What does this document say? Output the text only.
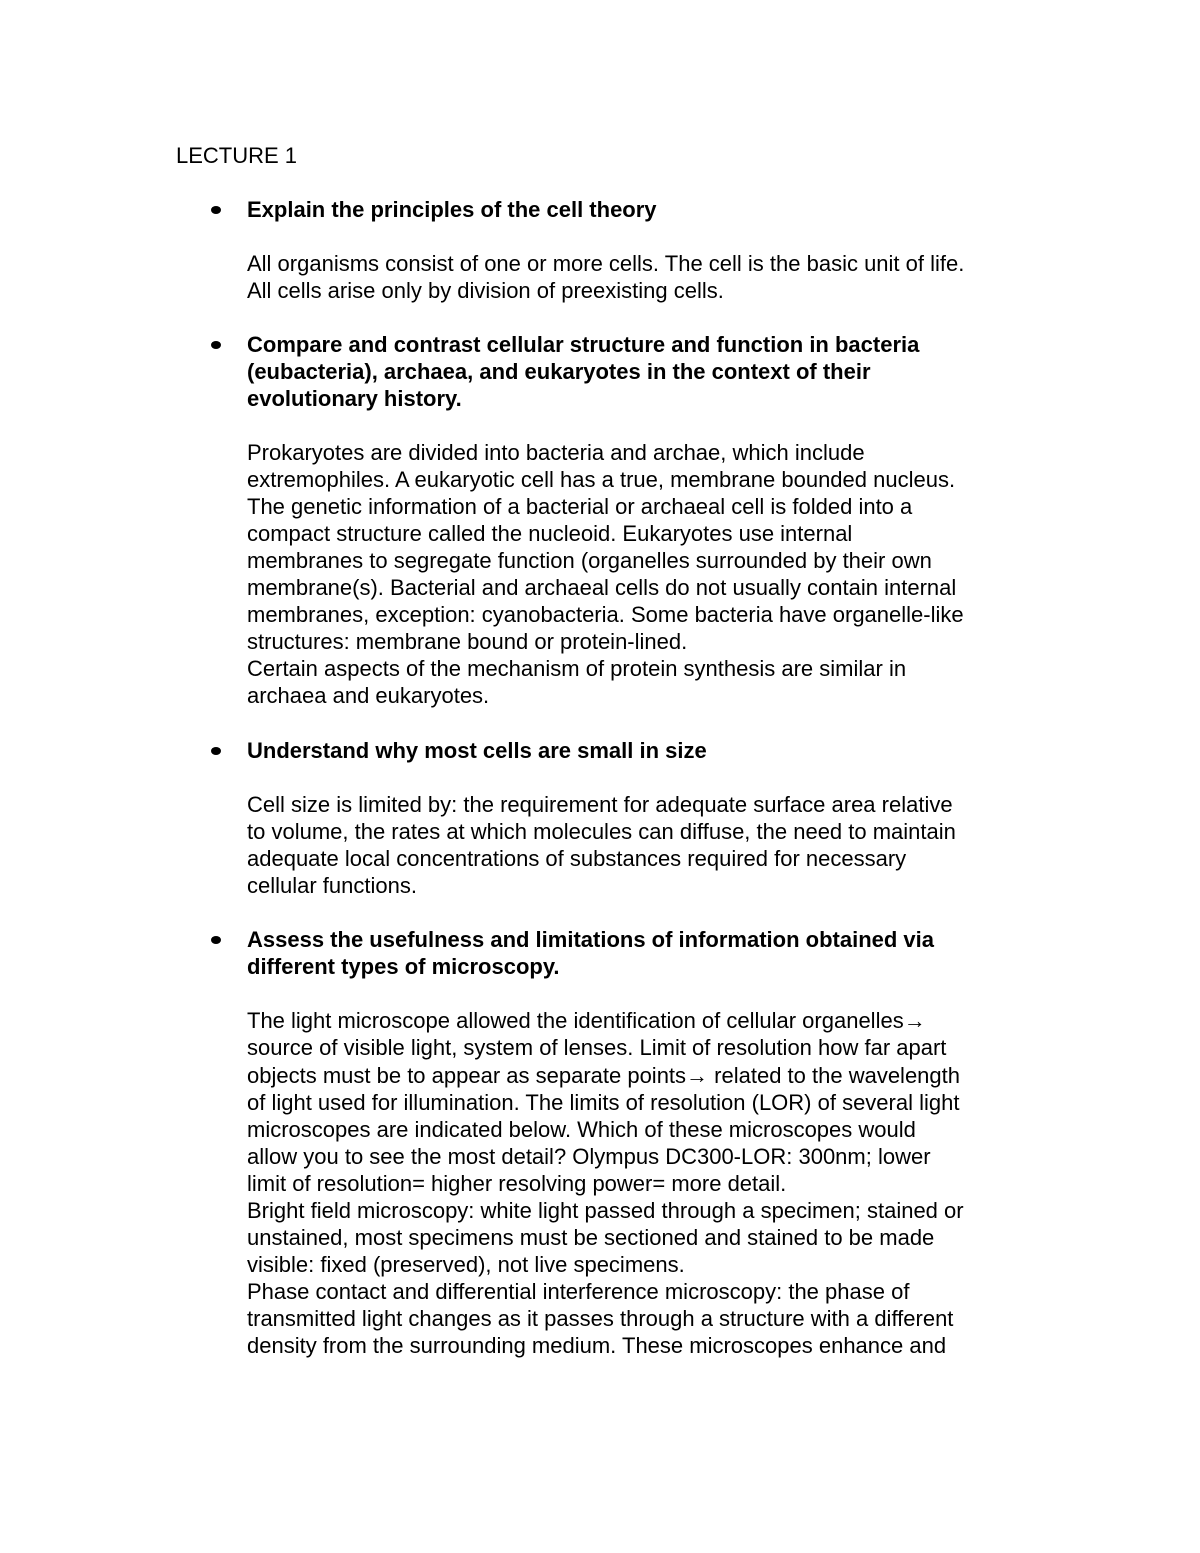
LECTURE 1

Explain the principles of the cell theory

All organisms consist of one or more cells. The cell is the basic unit of life.

All cells arise only by division of preexisting cells.

Compare and contrast cellular structure and function in bacteria

(eubacteria), archaea, and eukaryotes in the context of their

evolutionary history.

Prokaryotes are divided into bacteria and archae, which include

extremophiles. A eukaryotic cell has a true, membrane bounded nucleus.

The genetic information of a bacterial or archaeal cell is folded into a

compact structure called the nucleoid. Eukaryotes use internal

membranes to segregate function (organelles surrounded by their own

membrane(s). Bacterial and archaeal cells do not usually contain internal

membranes, exception: cyanobacteria. Some bacteria have organelle-like

structures: membrane bound or protein-lined.

Certain aspects of the mechanism of protein synthesis are similar in

archaea and eukaryotes.

Understand why most cells are small in size

Cell size is limited by: the requirement for adequate surface area relative

to volume, the rates at which molecules can diffuse, the need to maintain

adequate local concentrations of substances required for necessary

cellular functions.

Assess the usefulness and limitations of information obtained via

different types of microscopy.

The light microscope allowed the identification of cellular organelles→

source of visible light, system of lenses. Limit of resolution how far apart

objects must be to appear as separate points→ related to the wavelength

of light used for illumination. The limits of resolution (LOR) of several light

microscopes are indicated below. Which of these microscopes would

allow you to see the most detail? Olympus DC300-LOR: 300nm; lower

limit of resolution= higher resolving power= more detail.

Bright field microscopy: white light passed through a specimen; stained or

unstained, most specimens must be sectioned and stained to be made

visible: fixed (preserved), not live specimens.

Phase contact and differential interference microscopy: the phase of

transmitted light changes as it passes through a structure with a different

density from the surrounding medium. These microscopes enhance and
